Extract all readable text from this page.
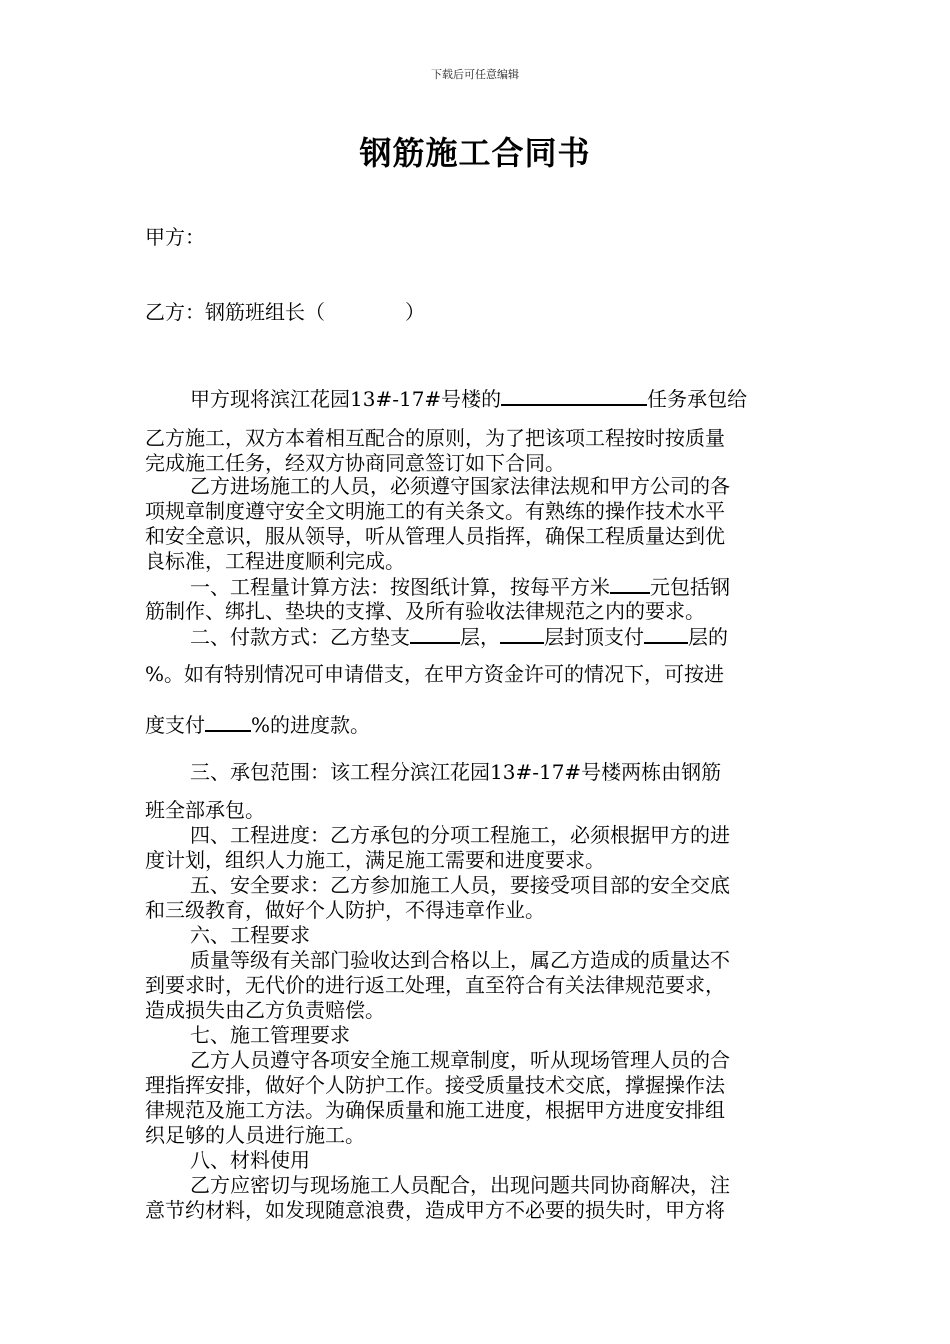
下载后可任意编辑
钢筋施工合同书
甲方：
乙方：钢筋班组长（　　　　）
甲方现将滨江花园13#-17#号楼的	任务承包给
乙方施工，双方本着相互配合的原则，为了把该项工程按时按质量
完成施工任务，经双方协商同意签订如下合同。
乙方进场施工的人员，必须遵守国家法律法规和甲方公司的各
项规章制度遵守安全文明施工的有关条文。有熟练的操作技术水平
和安全意识，服从领导，听从管理人员指挥，确保工程质量达到优
良标准，工程进度顺利完成。
一、工程量计算方法：按图纸计算，按每平方米 元包括钢
筋制作、绑扎、垫块的支撑、及所有验收法律规范之内的要求。
二、付款方式：乙方垫支	层， 层封顶支付 层的
%。如有特别情况可申请借支，在甲方资金许可的情况下，可按进
度支付 %的进度款。
三、承包范围：该工程分滨江花园13#-17#号楼两栋由钢筋
班全部承包。
四、工程进度：乙方承包的分项工程施工，必须根据甲方的进
度计划，组织人力施工，满足施工需要和进度要求。
五、安全要求：乙方参加施工人员，要接受项目部的安全交底
和三级教育，做好个人防护，不得违章作业。
六、工程要求
质量等级有关部门验收达到合格以上，属乙方造成的质量达不
到要求时，无代价的进行返工处理，直至符合有关法律规范要求，
造成损失由乙方负责赔偿。
七、施工管理要求
乙方人员遵守各项安全施工规章制度，听从现场管理人员的合
理指挥安排，做好个人防护工作。接受质量技术交底，撑握操作法
律规范及施工方法。为确保质量和施工进度，根据甲方进度安排组
织足够的人员进行施工。
八、材料使用
乙方应密切与现场施工人员配合，出现问题共同协商解决，注
意节约材料，如发现随意浪费，造成甲方不必要的损失时，甲方将
